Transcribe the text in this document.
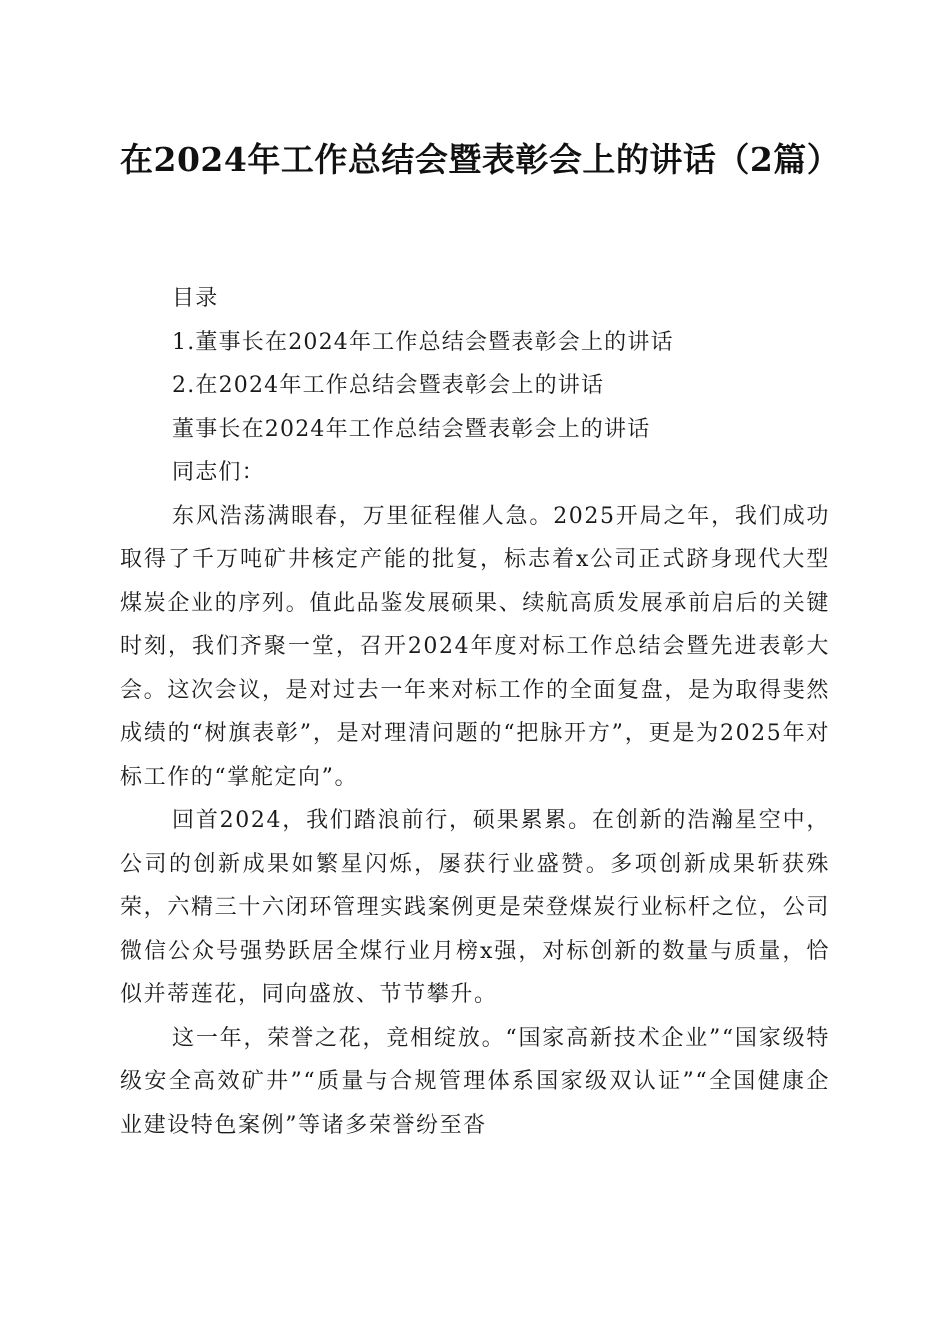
在2024年工作总结会暨表彰会上的讲话（2篇）

目录

1.董事长在2024年工作总结会暨表彰会上的讲话

2.在2024年工作总结会暨表彰会上的讲话

董事长在2024年工作总结会暨表彰会上的讲话

同志们：

东风浩荡满眼春，万里征程催人急。2025开局之年，我们成功取得了千万吨矿井核定产能的批复，标志着x公司正式跻身现代大型煤炭企业的序列。值此品鉴发展硕果、续航高质发展承前启后的关键时刻，我们齐聚一堂，召开2024年度对标工作总结会暨先进表彰大会。这次会议，是对过去一年来对标工作的全面复盘，是为取得斐然成绩的“树旗表彰”，是对理清问题的“把脉开方”，更是为2025年对标工作的“掌舵定向”。

回首2024，我们踏浪前行，硕果累累。在创新的浩瀚星空中，公司的创新成果如繁星闪烁，屡获行业盛赞。多项创新成果斩获殊荣，六精三十六闭环管理实践案例更是荣登煤炭行业标杆之位，公司微信公众号强势跃居全煤行业月榜x强，对标创新的数量与质量，恰似并蒂莲花，同向盛放、节节攀升。

这一年，荣誉之花，竞相绽放。“国家高新技术企业”“国家级特级安全高效矿井”“质量与合规管理体系国家级双认证”“全国健康企业建设特色案例”等诸多荣誉纷至沓
